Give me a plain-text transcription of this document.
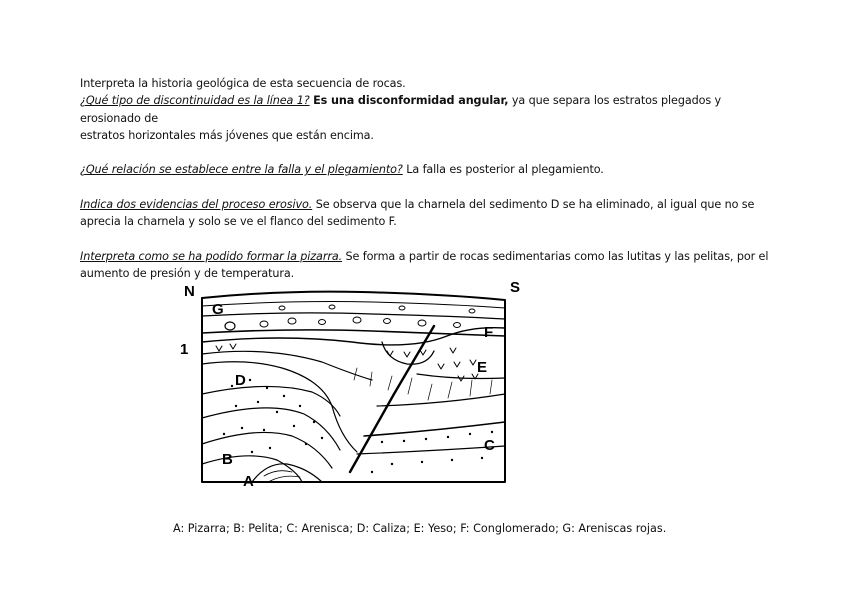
Interpreta la historia geológica de esta secuencia de rocas.

¿Qué tipo de discontinuidad es la línea 1? Es una disconformidad angular, ya que separa los estratos plegados y erosionado de

estratos horizontales más jóvenes que están encima.

¿Qué relación se establece entre la falla y el plegamiento? La falla es posterior al plegamiento.

Indica dos evidencias del proceso erosivo. Se observa que la charnela del sedimento D se ha eliminado, al igual que no se

aprecia la charnela y solo se ve el flanco del sedimento F.

Interpreta como se ha podido formar la pizarra. Se forma a partir de rocas sedimentarias como las lutitas y las pelitas, por el

aumento de presión y de temperatura.

N	S
G
F
1
E
D
C
B
A

A: Pizarra; B: Pelita; C: Arenisca; D: Caliza; E: Yeso; F: Conglomerado; G: Areniscas rojas.
